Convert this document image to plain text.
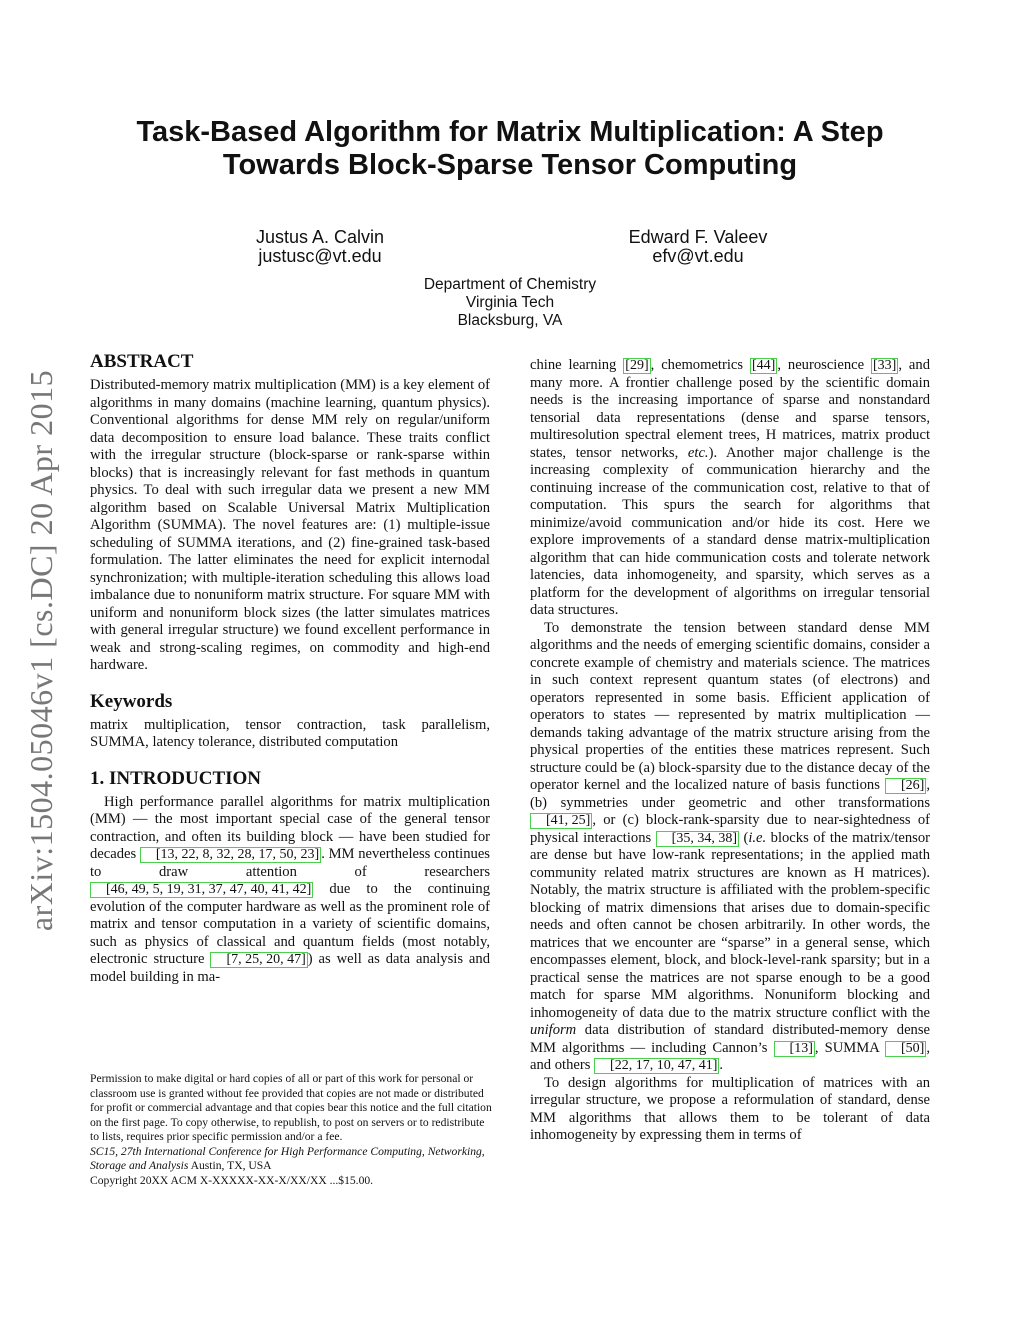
Task-Based Algorithm for Matrix Multiplication: A Step Towards Block-Sparse Tensor Computing
Justus A. Calvin
justusc@vt.edu
Edward F. Valeev
efv@vt.edu
Department of Chemistry
Virginia Tech
Blacksburg, VA
arXiv:1504.05046v1 [cs.DC] 20 Apr 2015
ABSTRACT

Distributed-memory matrix multiplication (MM) is a key element of algorithms in many domains (machine learning, quantum physics). Conventional algorithms for dense MM rely on regular/uniform data decomposition to ensure load balance. These traits conflict with the irregular structure (block-sparse or rank-sparse within blocks) that is increasingly relevant for fast methods in quantum physics. To deal with such irregular data we present a new MM algorithm based on Scalable Universal Matrix Multiplication Algorithm (SUMMA). The novel features are: (1) multiple-issue scheduling of SUMMA iterations, and (2) fine-grained task-based formulation. The latter eliminates the need for explicit internodal synchronization; with multiple-iteration scheduling this allows load imbalance due to nonuniform matrix structure. For square MM with uniform and nonuniform block sizes (the latter simulates matrices with general irregular structure) we found excellent performance in weak and strong-scaling regimes, on commodity and high-end hardware.

Keywords

matrix multiplication, tensor contraction, task parallelism, SUMMA, latency tolerance, distributed computation

1. INTRODUCTION

High performance parallel algorithms for matrix multiplication (MM) — the most important special case of the general tensor contraction, and often its building block — have been studied for decades [13, 22, 8, 32, 28, 17, 50, 23] . MM nevertheless continues to draw attention of researchers [46, 49, 5, 19, 31, 37, 47, 40, 41, 42] due to the continuing evolution of the computer hardware as well as the prominent role of matrix and tensor computation in a variety of scientific domains, such as physics of classical and quantum fields (most notably, electronic structure [7, 25, 20, 47] ) as well as data analysis and model building in ma-

chine learning [29] , chemometrics [44] , neuroscience [33] , and many more. A frontier challenge posed by the scientific domain needs is the increasing importance of sparse and nonstandard tensorial data representations (dense and sparse tensors, multiresolution spectral element trees, H matrices, matrix product states, tensor networks, etc.). Another major challenge is the increasing complexity of communication hierarchy and the continuing increase of the communication cost, relative to that of computation. This spurs the search for algorithms that minimize/avoid communication and/or hide its cost. Here we explore improvements of a standard dense matrix-multiplication algorithm that can hide communication costs and tolerate network latencies, data inhomogeneity, and sparsity, which serves as a platform for the development of algorithms on irregular tensorial data structures.

To demonstrate the tension between standard dense MM algorithms and the needs of emerging scientific domains, consider a concrete example of chemistry and materials science. The matrices in such context represent quantum states (of electrons) and operators represented in some basis. Efficient application of operators to states — represented by matrix multiplication — demands taking advantage of the matrix structure arising from the physical properties of the entities these matrices represent. Such structure could be (a) block-sparsity due to the distance decay of the operator kernel and the localized nature of basis functions [26] , (b) symmetries under geometric and other transformations [41, 25] , or (c) block-rank-sparsity due to near-sightedness of physical interactions [35, 34, 38] (i.e. blocks of the matrix/tensor are dense but have low-rank representations; in the applied math community related matrix structures are known as H matrices). Notably, the matrix structure is affiliated with the problem-specific blocking of matrix dimensions that arises due to domain-specific needs and often cannot be chosen arbitrarily. In other words, the matrices that we encounter are “sparse” in a general sense, which encompasses element, block, and block-level-rank sparsity; but in a practical sense the matrices are not sparse enough to be a good match for sparse MM algorithms. Nonuniform blocking and inhomogeneity of data due to the matrix structure conflict with the uniform data distribution of standard distributed-memory dense MM algorithms — including Cannon’s [13] , SUMMA [50] , and others [22, 17, 10, 47, 41] .

To design algorithms for multiplication of matrices with an irregular structure, we propose a reformulation of standard, dense MM algorithms that allows them to be tolerant of data inhomogeneity by expressing them in terms of

Permission to make digital or hard copies of all or part of this work for personal or classroom use is granted without fee provided that copies are not made or distributed for profit or commercial advantage and that copies bear this notice and the full citation on the first page. To copy otherwise, to republish, to post on servers or to redistribute to lists, requires prior specific permission and/or a fee.

SC15, 27th International Conference for High Performance Computing, Networking, Storage and Analysis Austin, TX, USA

Copyright 20XX ACM X-XXXXX-XX-X/XX/XX ...$15.00.
